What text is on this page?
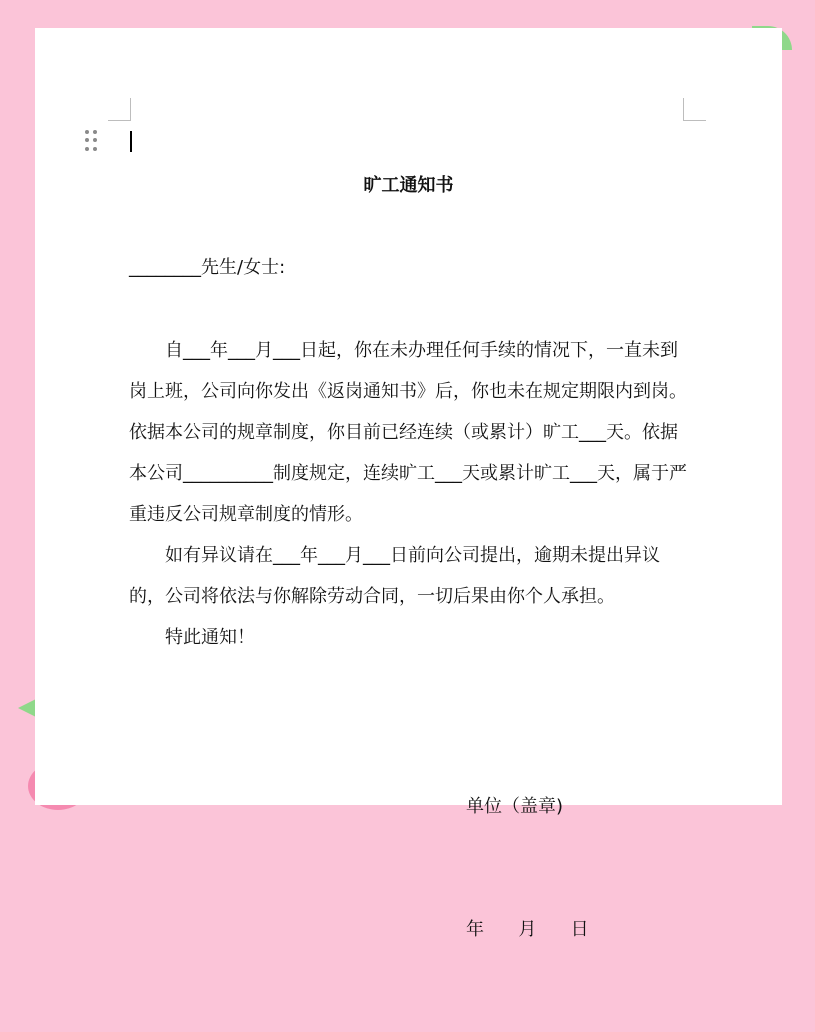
旷工通知书
________先生/女士:

自___年___月___日起，你在未办理任何手续的情况下，一直未到岗上班，公司向你发出《返岗通知书》后，你也未在规定期限内到岗。依据本公司的规章制度，你目前已经连续（或累计）旷工___天。依据本公司__________制度规定，连续旷工___天或累计旷工___天，属于严重违反公司规章制度的情形。

如有异议请在___年___月___日前向公司提出，逾期未提出异议的，公司将依法与你解除劳动合同，一切后果由你个人承担。

特此通知！

单位（盖章)

年      月      日
